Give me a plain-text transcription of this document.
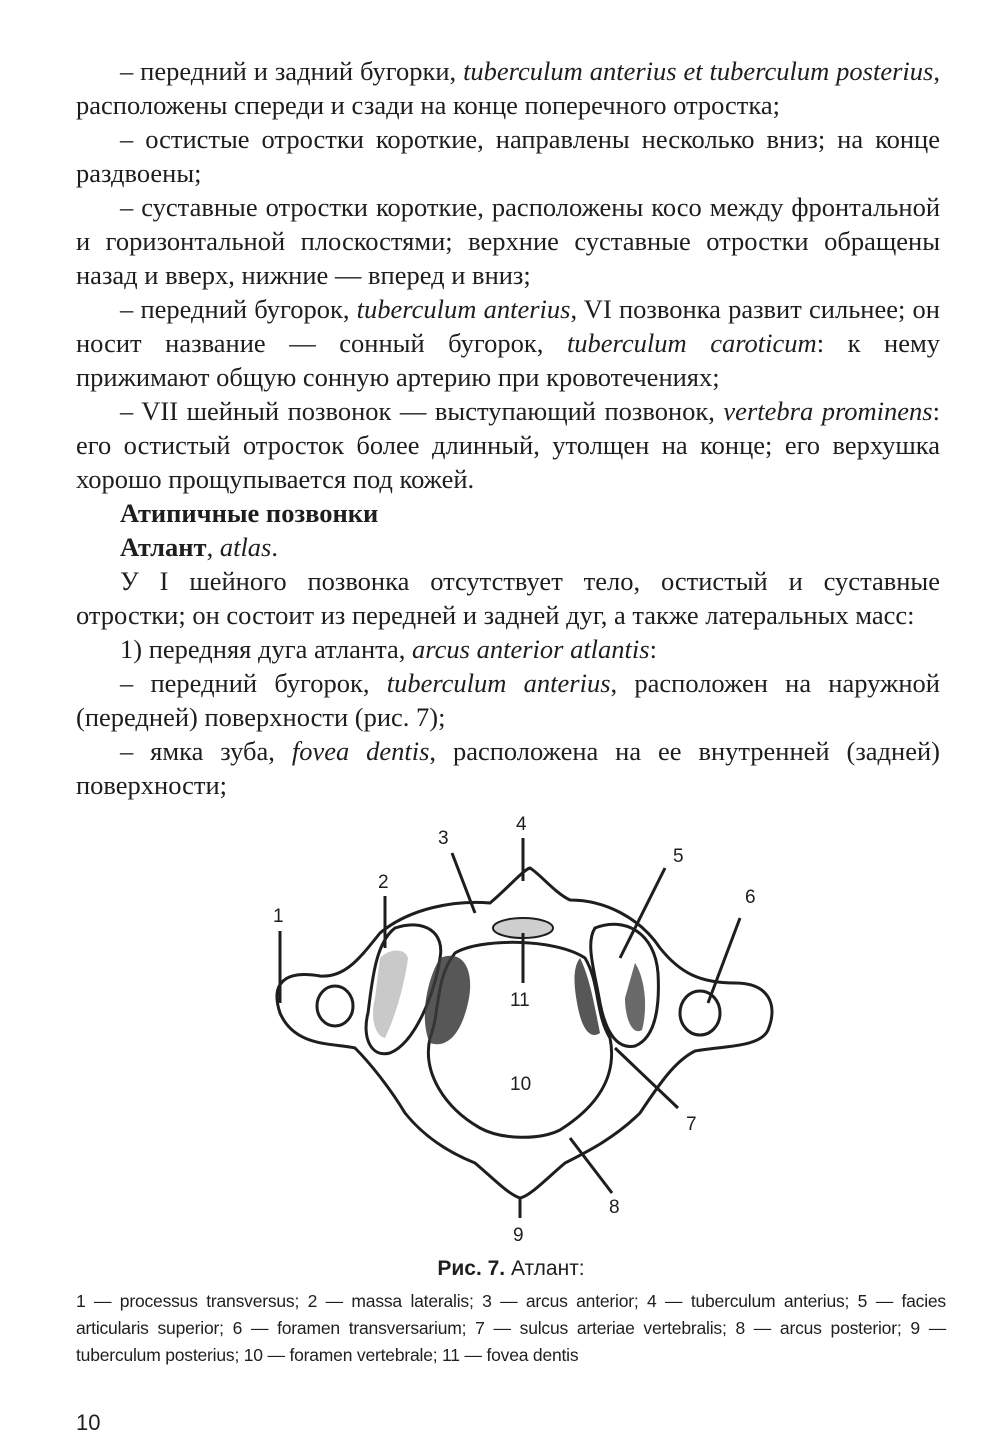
– передний и задний бугорки, tuberculum anterius et tuberculum posterius, расположены спереди и сзади на конце поперечного отростка;

– остистые отростки короткие, направлены несколько вниз; на конце раздвоены;

– суставные отростки короткие, расположены косо между фронтальной и горизонтальной плоскостями; верхние суставные отростки обращены назад и вверх, нижние — вперед и вниз;

– передний бугорок, tuberculum anterius, VI позвонка развит сильнее; он носит название — сонный бугорок, tuberculum caroticum: к нему прижимают общую сонную артерию при кровотечениях;

– VII шейный позвонок — выступающий позвонок, vertebra prominens: его остистый отросток более длинный, утолщен на конце; его верхушка хорошо прощупывается под кожей.

Атипичные позвонки

Атлант, atlas.

У I шейного позвонка отсутствует тело, остистый и суставные отростки; он состоит из передней и задней дуг, а также латеральных масс:

1) передняя дуга атланта, arcus anterior atlantis:

– передний бугорок, tuberculum anterius, расположен на наружной (передней) поверхности (рис. 7);

– ямка зуба, fovea dentis, расположена на ее внутренней (задней) поверхности;

1
2
3
4
5
6
7
8
9
10
11

Рис. 7. Атлант:

1 — processus transversus; 2 — massa lateralis; 3 — arcus anterior; 4 — tuberculum anterius; 5 — facies articularis superior; 6 — foramen transversarium; 7 — sulcus arteriae vertebralis; 8 — arcus posterior; 9 — tuberculum posterius; 10 — foramen vertebrale; 11 — fovea dentis

10
